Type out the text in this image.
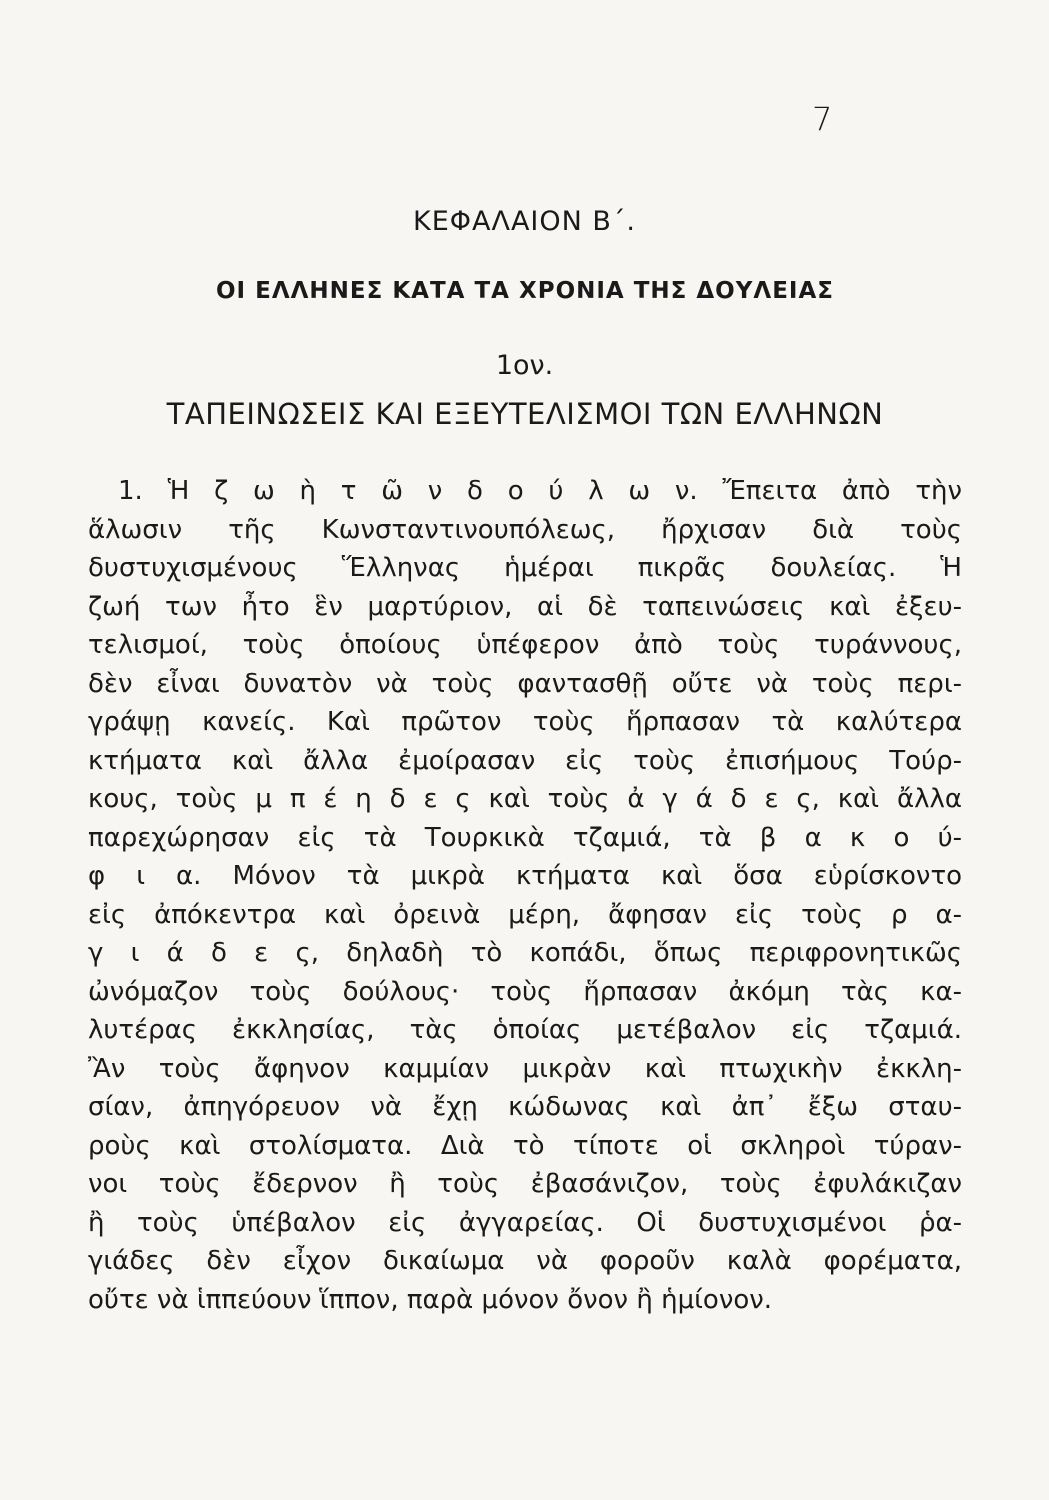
7
ΚΕΦΑΛΑΙΟΝ Β΄.
ΟΙ ΕΛΛΗΝΕΣ ΚΑΤΑ ΤΑ ΧΡΟΝΙΑ ΤΗΣ ΔΟΥΛΕΙΑΣ
1ον.
ΤΑΠΕΙΝΩΣΕΙΣ ΚΑΙ ΕΞΕΥΤΕΛΙΣΜΟΙ ΤΩΝ ΕΛΛΗΝΩΝ
1. Ἡ ζ ω ὴ τ ῶ ν δ ο ύ λ ω ν. Ἔπειτα ἀπὸ τὴν
ἅλωσιν τῆς Κωνσταντινουπόλεως, ἤρχισαν διὰ τοὺς
δυστυχισμένους Ἕλληνας ἡμέραι πικρᾶς δουλείας. Ἡ
ζωή των ἦτο ἓν μαρτύριον, αἱ δὲ ταπεινώσεις καὶ ἐξευ-
τελισμοί, τοὺς ὁποίους ὑπέφερον ἀπὸ τοὺς τυράννους,
δὲν εἶναι δυνατὸν νὰ τοὺς φαντασθῇ οὔτε νὰ τοὺς περι-
γράψῃ κανείς. Καὶ πρῶτον τοὺς ἥρπασαν τὰ καλύτερα
κτήματα καὶ ἄλλα ἐμοίρασαν εἰς τοὺς ἐπισήμους Τούρ-
κους, τοὺς μ π έ η δ ε ς καὶ τοὺς ἀ γ ά δ ε ς, καὶ ἄλλα
παρεχώρησαν εἰς τὰ Τουρκικὰ τζαμιά, τὰ β α κ ο ύ-
φ ι α. Μόνον τὰ μικρὰ κτήματα καὶ ὅσα εὑρίσκοντο
εἰς ἀπόκεντρα καὶ ὀρεινὰ μέρη, ἄφησαν εἰς τοὺς ρ α-
γ ι ά δ ε ς, δηλαδὴ τὸ κοπάδι, ὅπως περιφρονητικῶς
ὠνόμαζον τοὺς δούλους· τοὺς ἥρπασαν ἀκόμη τὰς κα-
λυτέρας ἐκκλησίας, τὰς ὁποίας μετέβαλον εἰς τζαμιά.
Ἂν τοὺς ἄφηνον καμμίαν μικρὰν καὶ πτωχικὴν ἐκκλη-
σίαν, ἀπηγόρευον νὰ ἔχῃ κώδωνας καὶ ἀπ᾽ ἔξω σταυ-
ροὺς καὶ στολίσματα. Διὰ τὸ τίποτε οἱ σκληροὶ τύραν-
νοι τοὺς ἔδερνον ἢ τοὺς ἐβασάνιζον, τοὺς ἐφυλάκιζαν
ἢ τοὺς ὑπέβαλον εἰς ἀγγαρείας. Οἱ δυστυχισμένοι ῥα-
γιάδες δὲν εἶχον δικαίωμα νὰ φοροῦν καλὰ φορέματα,
οὔτε νὰ ἱππεύουν ἵππον, παρὰ μόνον ὄνον ἢ ἡμίονον.
